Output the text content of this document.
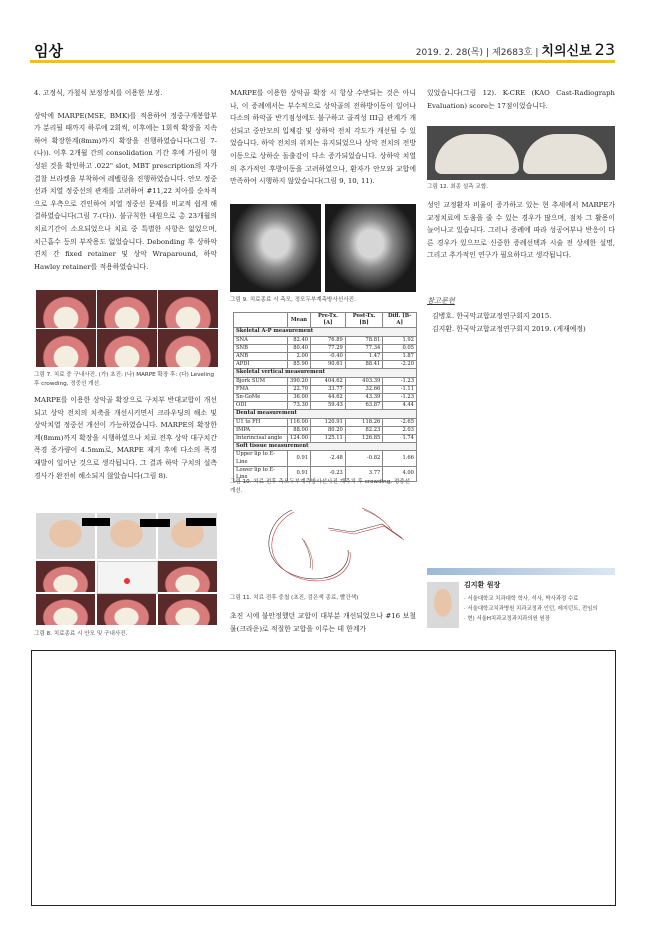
임상	2019. 2. 28(목) | 제2683호 | 치의신보 23

4. 고정식, 가철식 보정장치를 이용한 보정.

상악에 MARPE(MSE, BMK)를 적용하여 정중구개봉합부가 분리될 때까지 하루에 2회씩, 이후에는 1회씩 확장을 지속하여 확장한계(8mm)까지 확장을 진행하였습니다(그림 7-(나)). 이후 2개월 간의 consolidation 기간 후에 가림이 형성된 것을 확인하고 .022" slot, MBT prescription의 자가결찰 브라켓을 부착하여 레벨링을 진행하였습니다. 안모 정중선과 치열 정중선의 관계를 고려하여 #11,22 치아를 순차적으로 우측으로 견인하여 치열 정중선 문제를 비교적 쉽게 해결하였습니다(그림 7-(다)). 불규칙한 내원으로 총 23개월의 치료기간이 소요되었으나 치료 중 특별한 사항은 없었으며, 치근흡수 등의 부작용도 없었습니다. Debonding 후 상하악 견치 간 fixed retainer 및 상악 Wraparound, 하악 Hawley retainer를 적용하였습니다.

그림 7. 치료 중 구내사진. (가) 초진: (나) MARPE 확장 후: (다) Leveling 후 crowding, 정중선 개선.

MARPE를 이용한 상악골 확장으로 구치부 반대교합이 개선되고 상악 전치의 치축을 개선시키면서 크라우딩의 해소 및 상악치열 정중선 개선이 가능하였습니다. MARPE의 확장한계(8mm)까지 확장을 시행하였으나 치료 전후 상악 대구치간 폭경 증가량이 4.5mm로, MARPE 제거 후에 다소의 폭경 재발이 일어난 것으로 생각됩니다. 그 결과 하악 구치의 설측경사가 완전히 해소되지 않았습니다(그림 8).

그림 8. 치료종료 시 안모 및 구내사진.

MARPE를 이용한 상악골 확장 시 항상 수반되는 것은 아니나, 이 증례에서는 부수적으로 상악골의 전하방이동이 일어나 다소의 하악골 반기점성에도 불구하고 골격성 III급 관계가 개선되고 중안모의 입체감 및 상하악 전치 각도가 개선될 수 있었습니다. 하악 전치의 위치는 유지되었으나 상악 전치의 전방이동으로 상하순 돌출감이 다소 증가되었습니다. 상하악 치열의 추가적인 후방이동을 고려하였으나, 환자가 안모와 교합에 만족하여 시행하지 않았습니다(그림 9, 10, 11).

그림 9. 치료종료 시 측모, 정모두부계측방사선사진.
	Mean	Pre-Tx. [A]	Post-Tx. [B]	Diff. [B-A]
Skeletal A-P measurement				
SNA	82.40	76.89	78.81	1.92
SNB	80.40	77.29	77.34	0.05
ANB	2.00	-0.40	1.47	1.87
APDI	85.90	90.61	88.41	-2.20
Skeletal vertical measurement				
Bjork SUM	390.20	404.62	403.39	-1.23
FMA	22.70	33.77	32.66	-1.11
Sn-GoMe	36.00	44.62	43.39	-1.23
ODI	73.30	59.43	63.87	4.44
Dental measurement				
U1 to FH	116.00	120.91	118.26	-2.65
IMPA	88.00	80.20	82.23	2.03
Interincisal angle	124.00	125.11	126.85	1.74
Soft tissue measurement				
Upper lip to E-Line	0.91	-2.48	-0.82	1.66
Lower lip to E-Line	0.91	-0.23	3.77	4.00
그림 10. 치료 전후 측모두부계측방사선사진 계측치 후 crowding, 정중선 개선.
그림 11. 치료 전후 중첩 (초진, 검은색 종료, 빨간색)

초진 시에 불안정했던 교합이 대부분 개선되었으나 #16 보철물(크라운)로 적절한 교합을 이루는 데 한계가

있었습니다(그림 12). K-CRE (KAO Cast-Radiograph Evaluation) score는 17점이었습니다.

그림 12. 최종 설측 교합.

성인 교정환자 비율이 증가하고 있는 현 추세에서 MARPE가 교정치료에 도움을 줄 수 있는 경우가 많으며, 점차 그 활용이 늘어나고 있습니다. 그러나 증례에 따라 성공여부나 반응이 다른 경우가 있으므로 신중한 증례선택과 시술 전 상세한 설명, 그리고 추가적인 연구가 필요하다고 생각됩니다.

참고문헌
김병호. 한국악교합교정연구회지 2015.
김지환. 한국악교합교정연구회지 2019. (게재예정)
김지환 원장
· 서울대학교 치과대학 학사, 석사, 박사과정 수료
· 서울대학교치과병원 치과교정과 인턴, 레지던트, 전임의
· 현) 서울H치과교정과치과의원 원장
